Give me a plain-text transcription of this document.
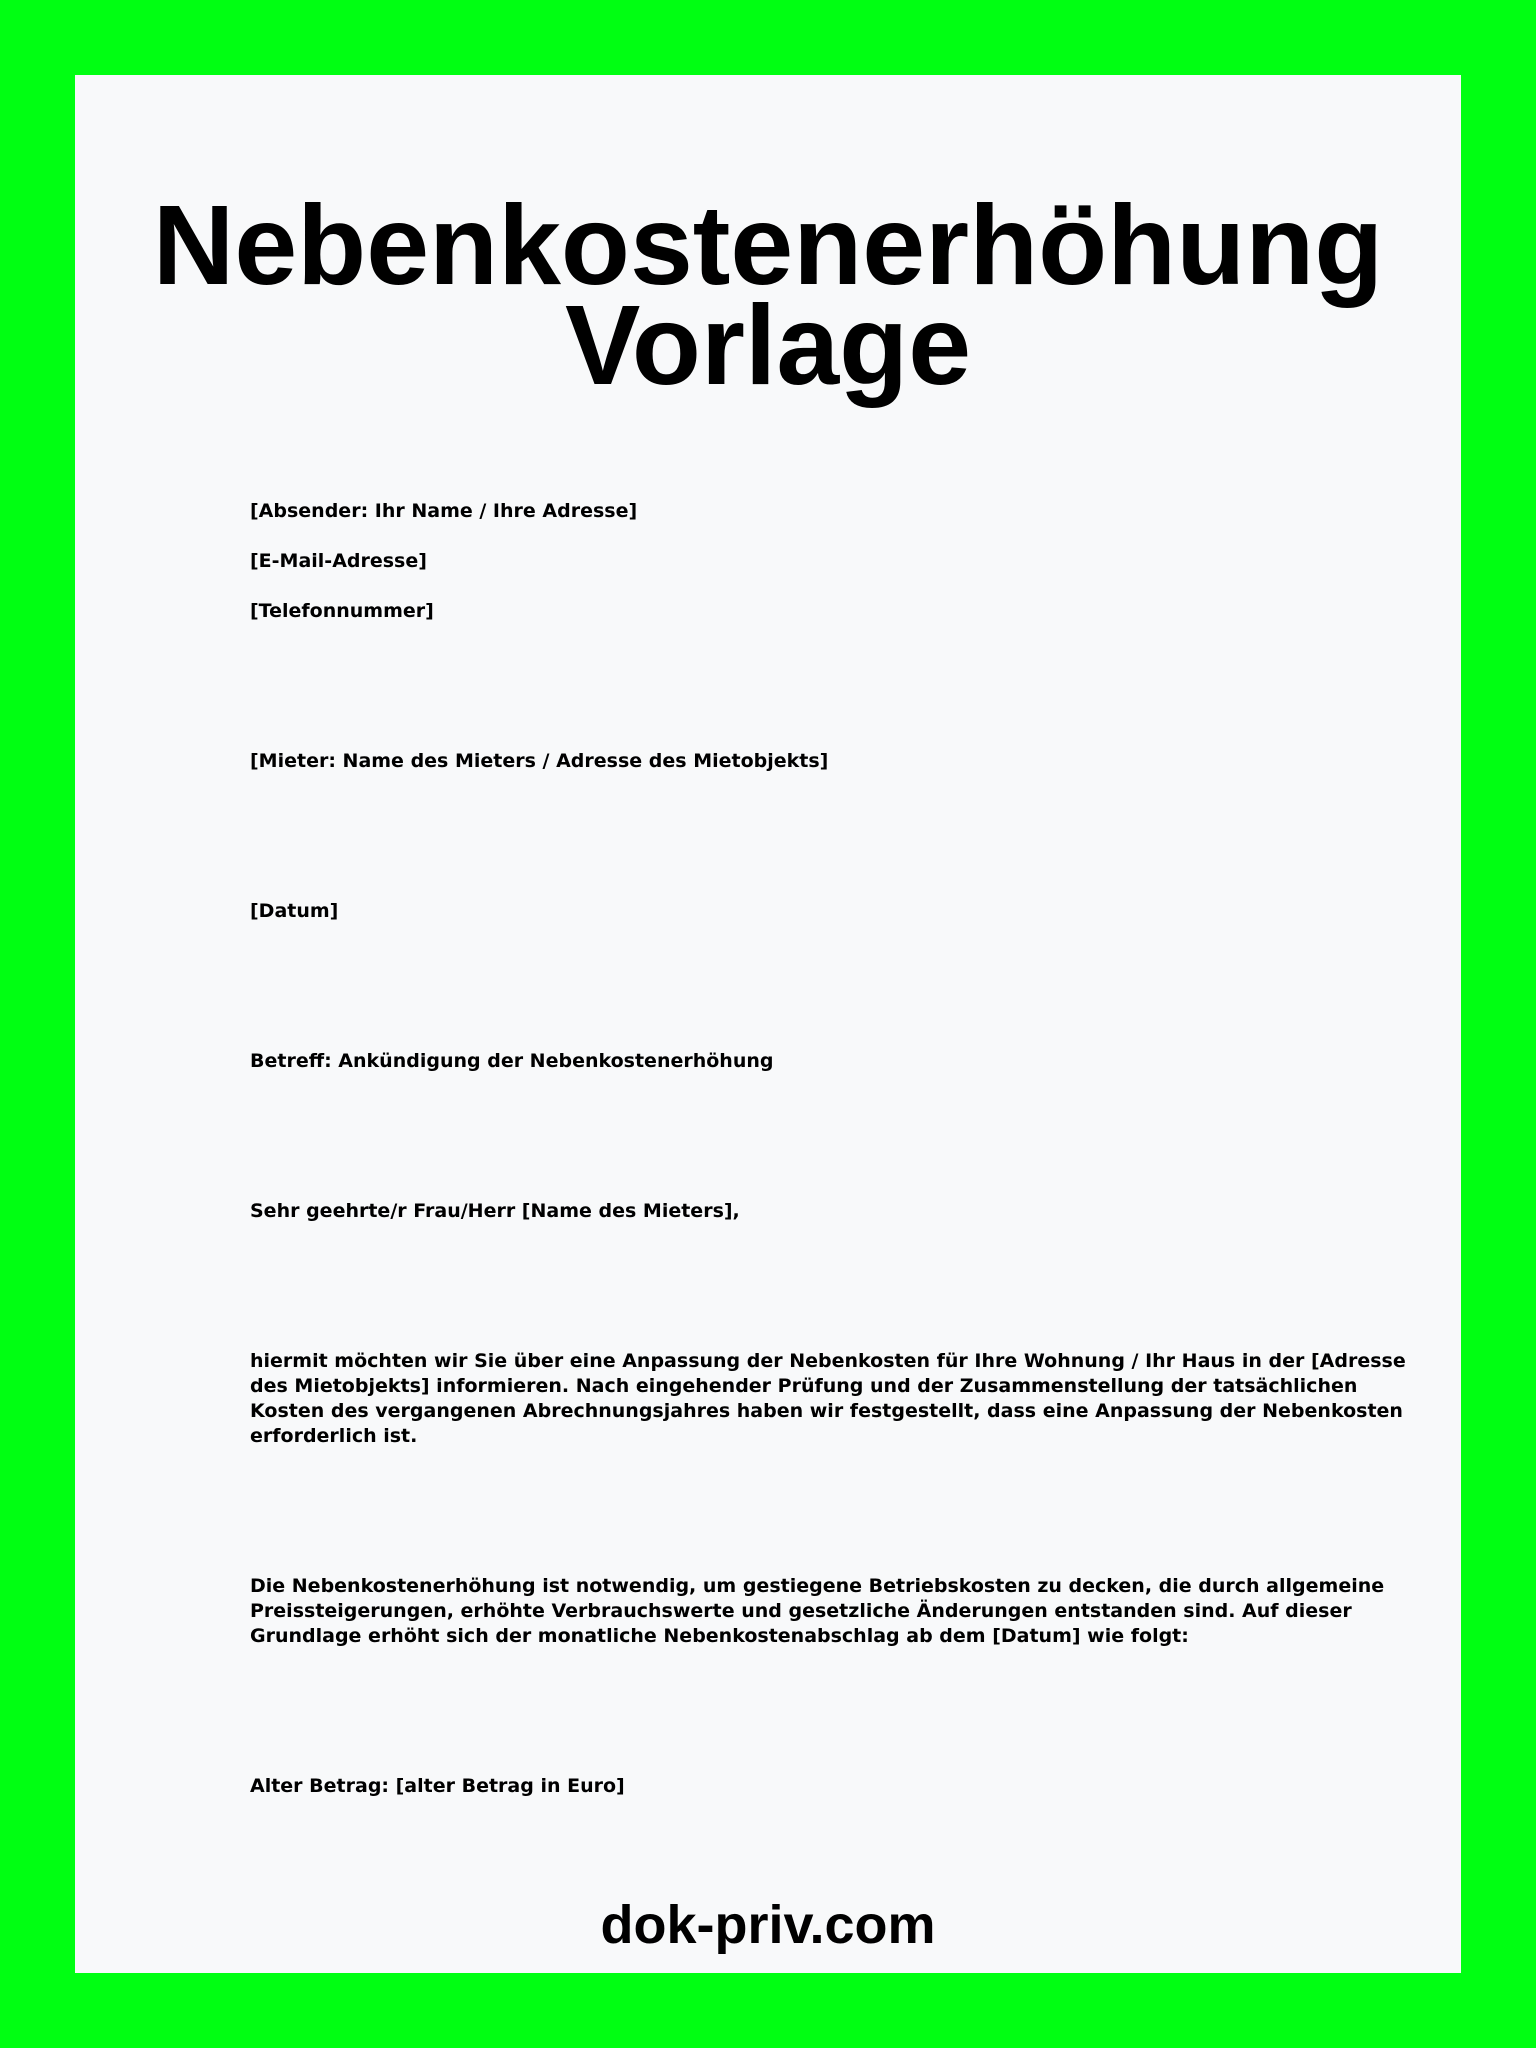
Nebenkostenerhöhung
Vorlage

[Absender: Ihr Name / Ihre Adresse]

[E-Mail-Adresse]

[Telefonnummer]

[Mieter: Name des Mieters / Adresse des Mietobjekts]

[Datum]

Betreff: Ankündigung der Nebenkostenerhöhung

Sehr geehrte/r Frau/Herr [Name des Mieters],

hiermit möchten wir Sie über eine Anpassung der Nebenkosten für Ihre Wohnung / Ihr Haus in der [Adresse
des Mietobjekts] informieren. Nach eingehender Prüfung und der Zusammenstellung der tatsächlichen
Kosten des vergangenen Abrechnungsjahres haben wir festgestellt, dass eine Anpassung der Nebenkosten
erforderlich ist.
Die Nebenkostenerhöhung ist notwendig, um gestiegene Betriebskosten zu decken, die durch allgemeine
Preissteigerungen, erhöhte Verbrauchswerte und gesetzliche Änderungen entstanden sind. Auf dieser
Grundlage erhöht sich der monatliche Nebenkostenabschlag ab dem [Datum] wie folgt:

Alter Betrag: [alter Betrag in Euro]

dok-priv.com
